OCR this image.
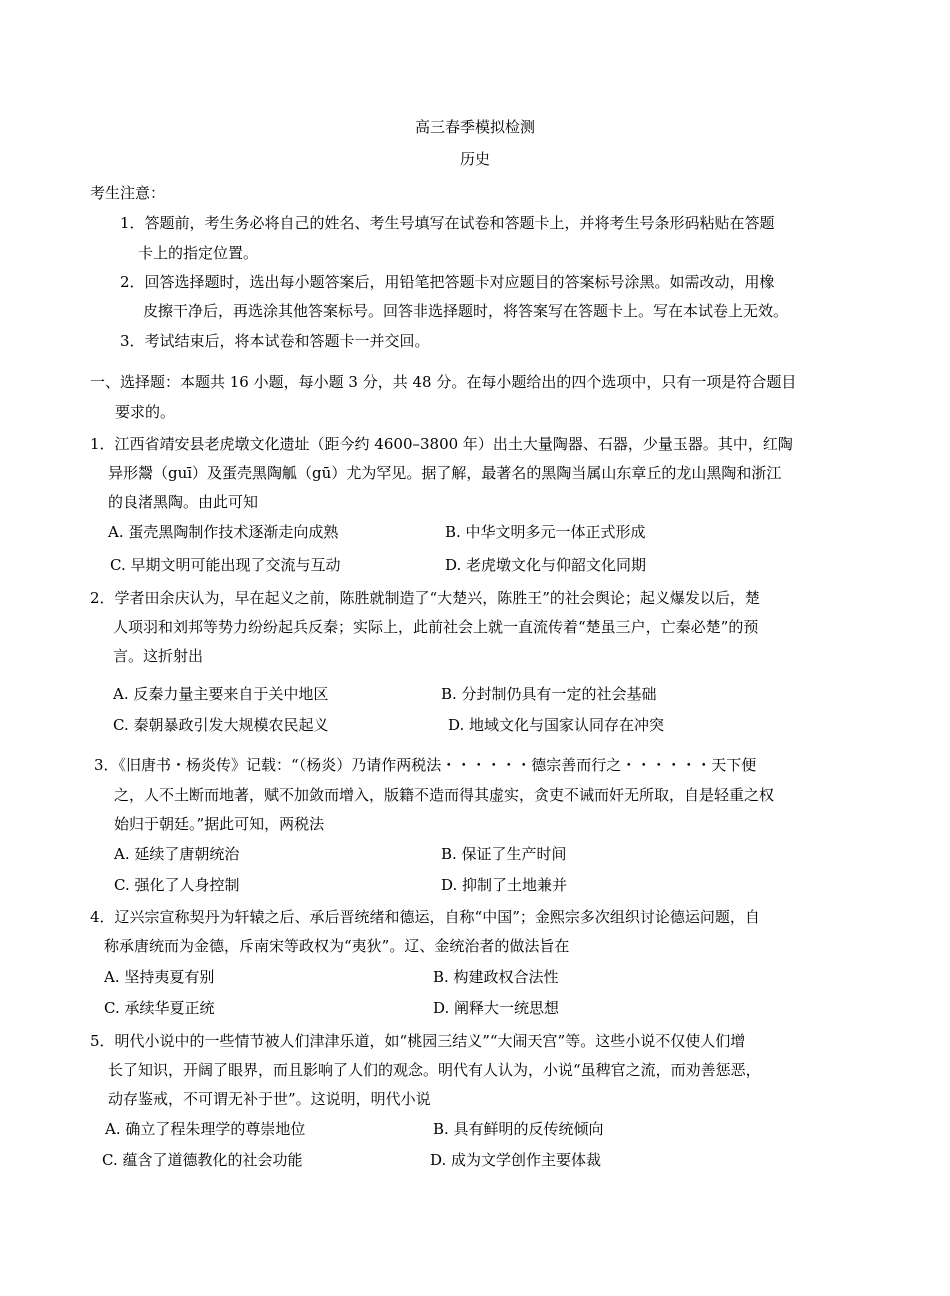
高三春季模拟检测
历史
考生注意：
1．答题前，考生务必将自己的姓名、考生号填写在试卷和答题卡上，并将考生号条形码粘贴在答题
卡上的指定位置。
2．回答选择题时，选出每小题答案后，用铅笔把答题卡对应题目的答案标号涂黑。如需改动，用橡
皮擦干净后，再选涂其他答案标号。回答非选择题时，将答案写在答题卡上。写在本试卷上无效。
3．考试结束后，将本试卷和答题卡一并交回。
一、选择题：本题共 16 小题，每小题 3 分，共 48 分。在每小题给出的四个选项中，只有一项是符合题目
要求的。
1．江西省靖安县老虎墩文化遗址（距今约 4600–3800 年）出土大量陶器、石器，少量玉器。其中，红陶
异形鬶（guī）及蛋壳黑陶觚（gū）尤为罕见。据了解，最著名的黑陶当属山东章丘的龙山黑陶和浙江
的良渚黑陶。由此可知
A. 蛋壳黑陶制作技术逐渐走向成熟	B. 中华文明多元一体正式形成
C. 早期文明可能出现了交流与互动	D. 老虎墩文化与仰韶文化同期
2．学者田余庆认为，早在起义之前，陈胜就制造了“大楚兴，陈胜王”的社会舆论；起义爆发以后，楚
人项羽和刘邦等势力纷纷起兵反秦；实际上，此前社会上就一直流传着“楚虽三户，亡秦必楚”的预
言。这折射出
A. 反秦力量主要来自于关中地区	B. 分封制仍具有一定的社会基础
C. 秦朝暴政引发大规模农民起义	D. 地域文化与国家认同存在冲突
3．《旧唐书・杨炎传》记载：“（杨炎）乃请作两税法・・・・・・德宗善而行之・・・・・・天下便
之，人不土断而地著，赋不加敛而增入，版籍不造而得其虚实，贪吏不诫而奸无所取，自是轻重之权
始归于朝廷。”据此可知，两税法
A. 延续了唐朝统治	B. 保证了生产时间
C. 强化了人身控制	D. 抑制了土地兼并
4．辽兴宗宣称契丹为轩辕之后、承后晋统绪和德运，自称“中国”；金熙宗多次组织讨论德运问题，自
称承唐统而为金德，斥南宋等政权为“夷狄”。辽、金统治者的做法旨在
A. 坚持夷夏有别	B. 构建政权合法性
C. 承续华夏正统	D. 阐释大一统思想
5．明代小说中的一些情节被人们津津乐道，如“桃园三结义”“大闹天宫”等。这些小说不仅使人们增
长了知识，开阔了眼界，而且影响了人们的观念。明代有人认为，小说“虽稗官之流，而劝善惩恶，
动存鉴戒，不可谓无补于世”。这说明，明代小说
A. 确立了程朱理学的尊崇地位	B. 具有鲜明的反传统倾向
C. 蕴含了道德教化的社会功能	D. 成为文学创作主要体裁
